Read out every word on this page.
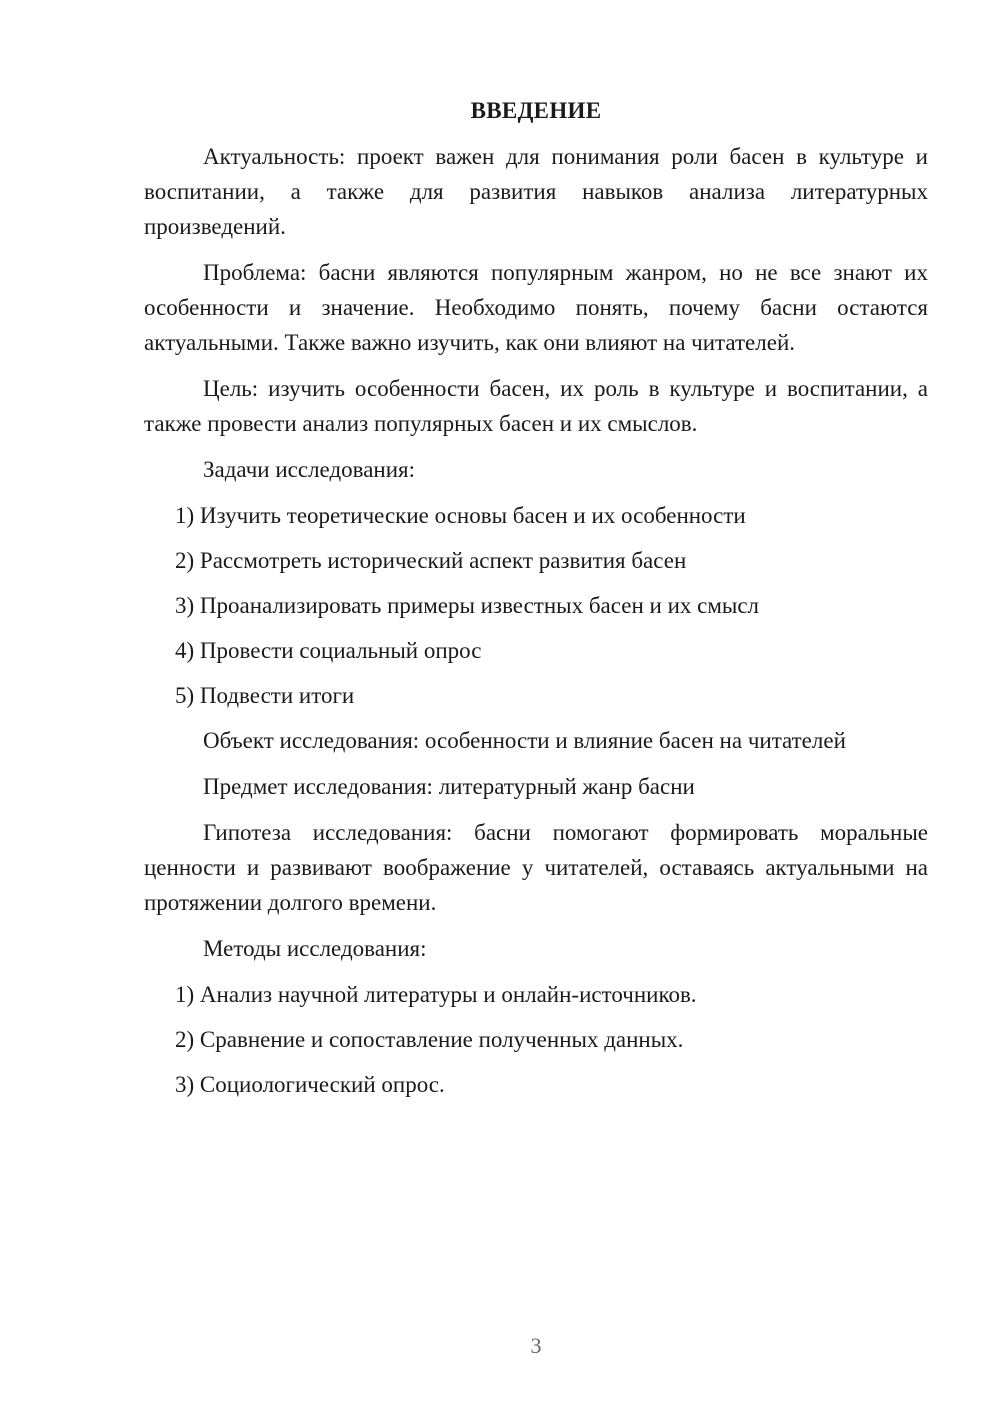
ВВЕДЕНИЕ

Актуальность: проект важен для понимания роли басен в культуре и воспитании, а также для развития навыков анализа литературных произведений.

Проблема: басни являются популярным жанром, но не все знают их особенности и значение. Необходимо понять, почему басни остаются актуальными. Также важно изучить, как они влияют на читателей.

Цель: изучить особенности басен, их роль в культуре и воспитании, а также провести анализ популярных басен и их смыслов.

Задачи исследования:

1) Изучить теоретические основы басен и их особенности
2) Рассмотреть исторический аспект развития басен
3) Проанализировать примеры известных басен и их смысл
4) Провести социальный опрос
5) Подвести итоги

Объект исследования: особенности и влияние басен на читателей

Предмет исследования: литературный жанр басни

Гипотеза исследования: басни помогают формировать моральные ценности и развивают воображение у читателей, оставаясь актуальными на протяжении долгого времени.

Методы исследования:

1) Анализ научной литературы и онлайн-источников.
2) Сравнение и сопоставление полученных данных.
3) Социологический опрос.
3
